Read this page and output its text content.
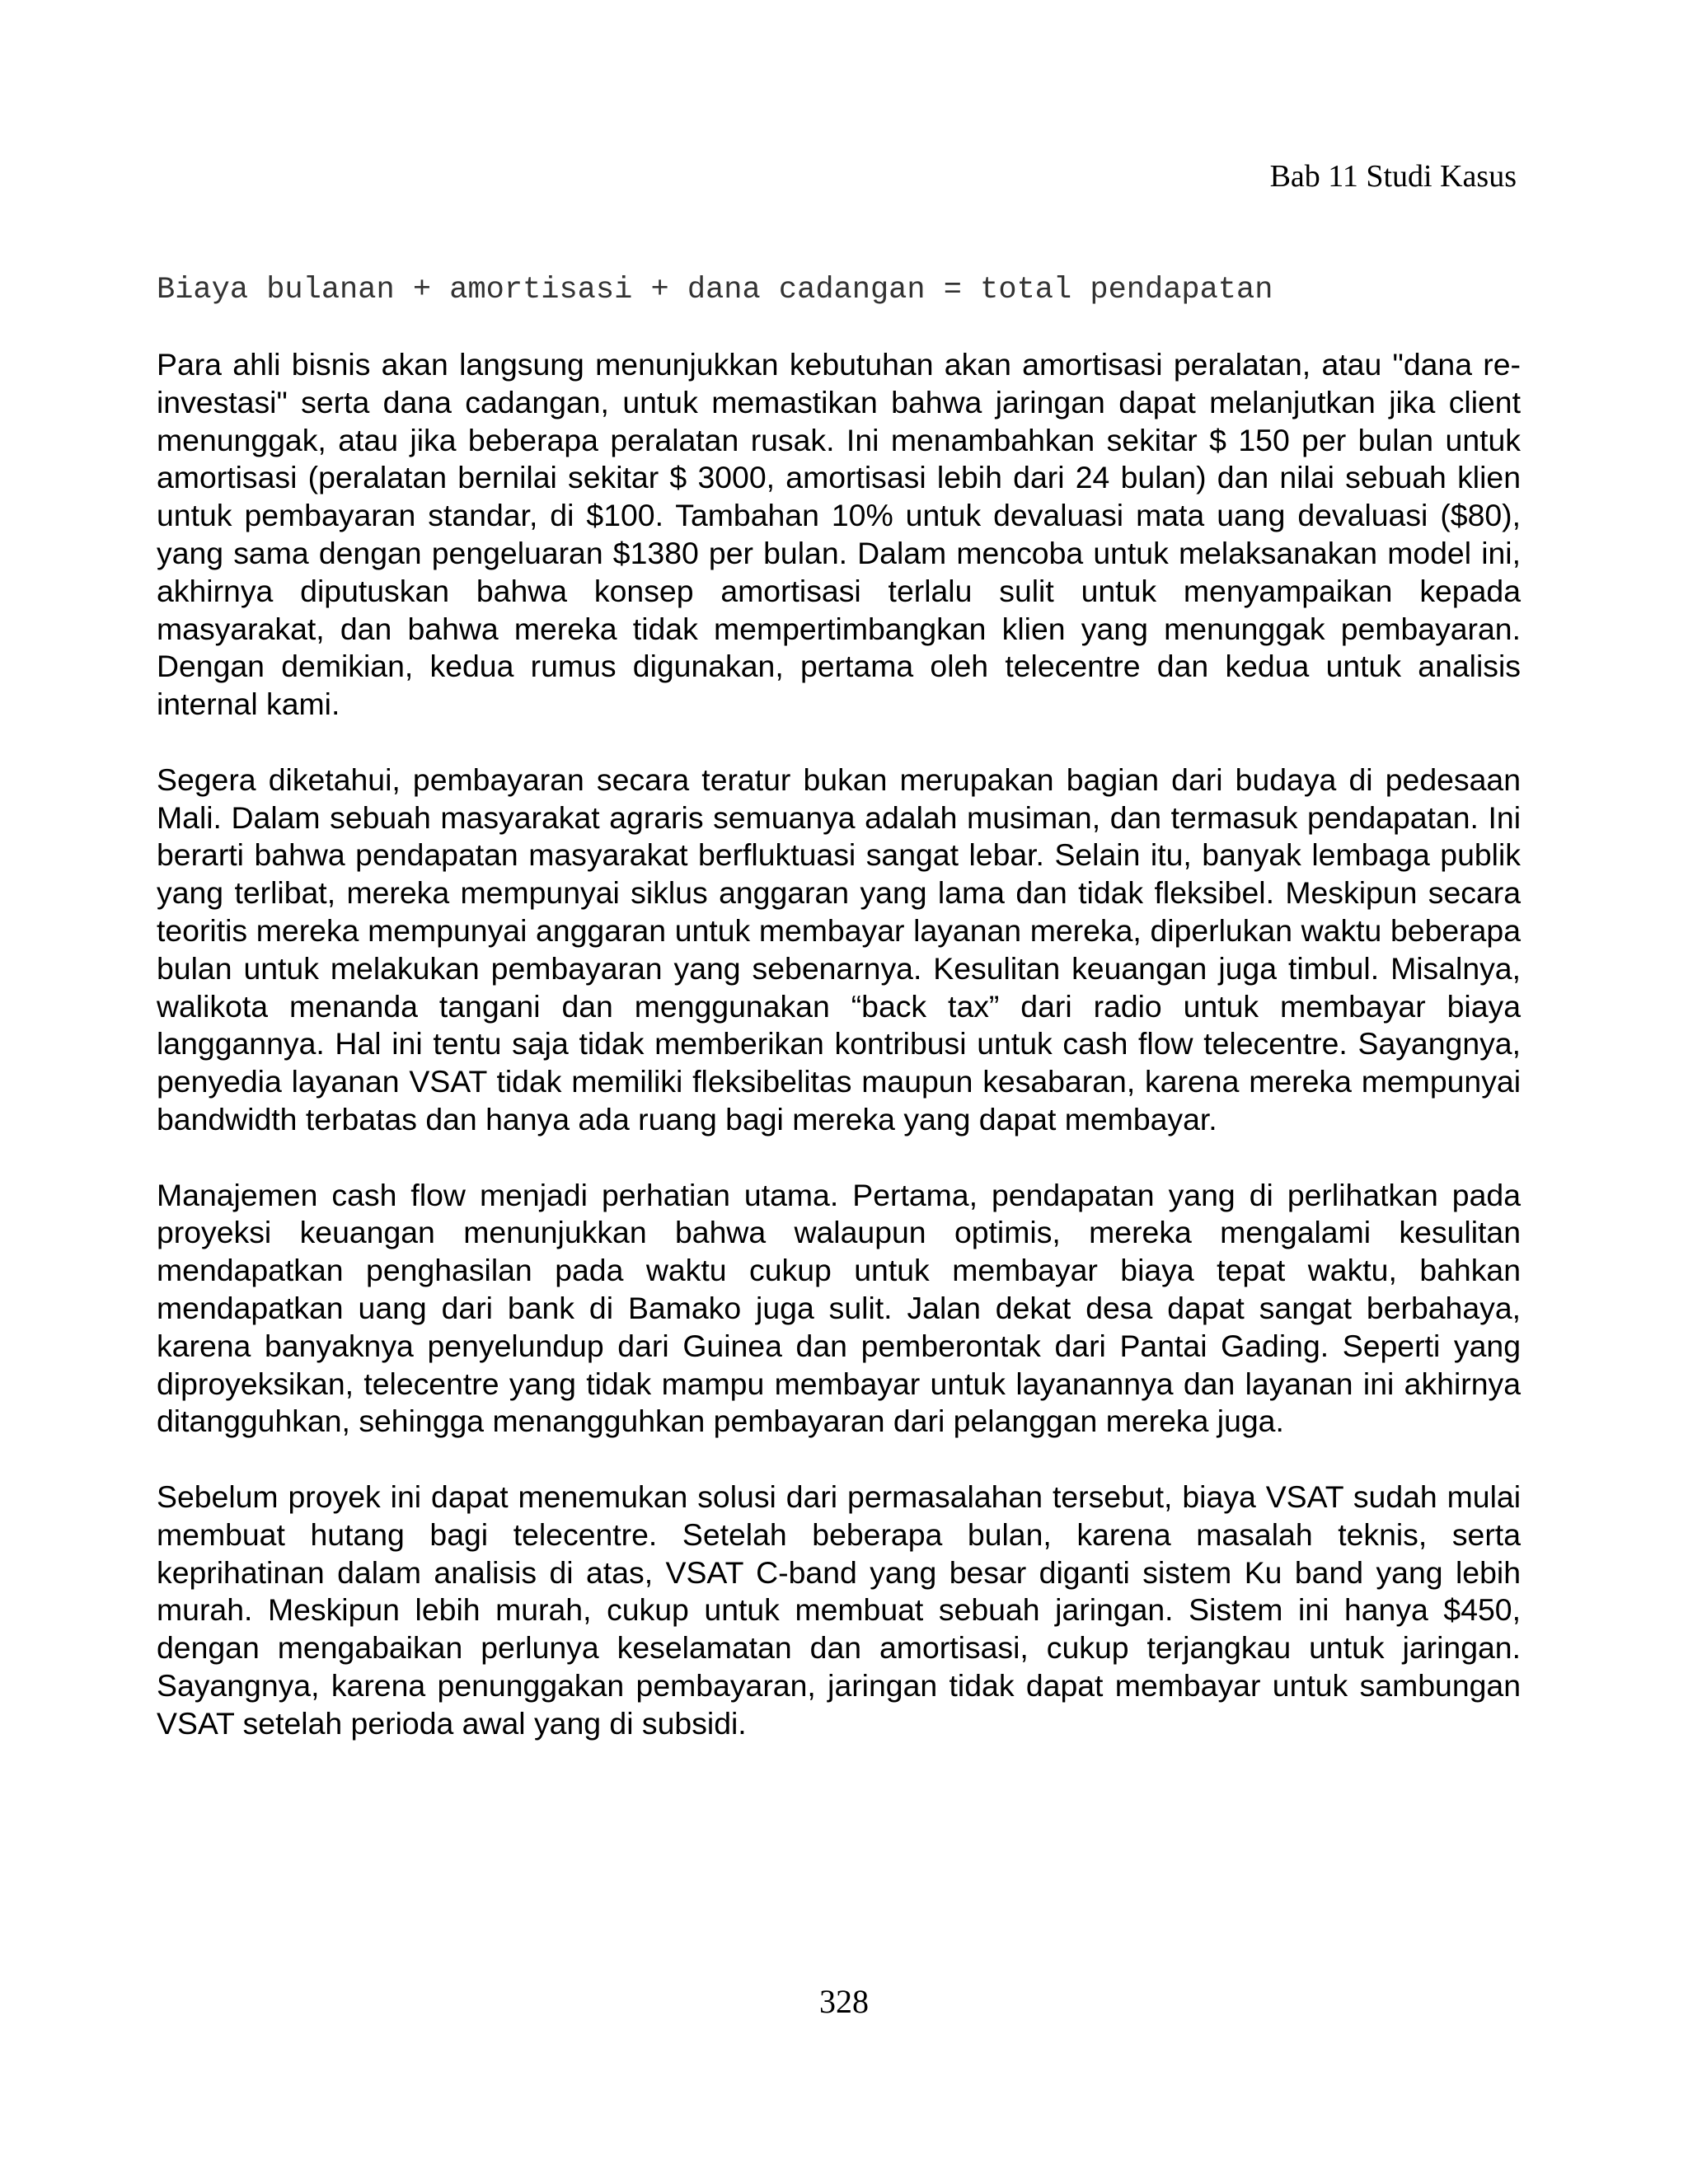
Bab 11 Studi Kasus
Biaya bulanan + amortisasi + dana cadangan = total pendapatan

Para ahli bisnis akan langsung menunjukkan kebutuhan akan amortisasi peralatan, atau "dana re-investasi" serta dana cadangan, untuk memastikan bahwa jaringan dapat melanjutkan jika client menunggak, atau jika beberapa peralatan rusak. Ini menambahkan sekitar $ 150 per bulan untuk amortisasi (peralatan bernilai sekitar $ 3000, amortisasi lebih dari 24 bulan) dan nilai sebuah klien untuk pembayaran standar, di $100. Tambahan 10% untuk devaluasi mata uang devaluasi ($80), yang sama dengan pengeluaran $1380 per bulan. Dalam mencoba untuk melaksanakan model ini, akhirnya diputuskan bahwa konsep amortisasi terlalu sulit untuk menyampaikan kepada masyarakat, dan bahwa mereka tidak mempertimbangkan klien yang menunggak pembayaran. Dengan demikian, kedua rumus digunakan, pertama oleh telecentre dan kedua untuk analisis internal kami.

Segera diketahui, pembayaran secara teratur bukan merupakan bagian dari budaya di pedesaan Mali. Dalam sebuah masyarakat agraris semuanya adalah musiman, dan termasuk pendapatan. Ini berarti bahwa pendapatan masyarakat berfluktuasi sangat lebar. Selain itu, banyak lembaga publik yang terlibat, mereka mempunyai siklus anggaran yang lama dan tidak fleksibel. Meskipun secara teoritis mereka mempunyai anggaran untuk membayar layanan mereka, diperlukan waktu beberapa bulan untuk melakukan pembayaran yang sebenarnya. Kesulitan keuangan juga timbul. Misalnya, walikota menanda tangani dan menggunakan “back tax” dari radio untuk membayar biaya langgannya. Hal ini tentu saja tidak memberikan kontribusi untuk cash flow telecentre. Sayangnya, penyedia layanan VSAT tidak memiliki fleksibelitas maupun kesabaran, karena mereka mempunyai bandwidth terbatas dan hanya ada ruang bagi mereka yang dapat membayar.

Manajemen cash flow menjadi perhatian utama. Pertama, pendapatan yang di perlihatkan pada proyeksi keuangan menunjukkan bahwa walaupun optimis, mereka mengalami kesulitan mendapatkan penghasilan pada waktu cukup untuk membayar biaya tepat waktu, bahkan mendapatkan uang dari bank di Bamako juga sulit. Jalan dekat desa dapat sangat berbahaya, karena banyaknya penyelundup dari Guinea dan pemberontak dari Pantai Gading. Seperti yang diproyeksikan, telecentre yang tidak mampu membayar untuk layanannya dan layanan ini akhirnya ditangguhkan, sehingga menangguhkan pembayaran dari pelanggan mereka juga.

Sebelum proyek ini dapat menemukan solusi dari permasalahan tersebut, biaya VSAT sudah mulai membuat hutang bagi telecentre. Setelah beberapa bulan, karena masalah teknis, serta keprihatinan dalam analisis di atas, VSAT C-band yang besar diganti sistem Ku band yang lebih murah. Meskipun lebih murah, cukup untuk membuat sebuah jaringan. Sistem ini hanya $450, dengan mengabaikan perlunya keselamatan dan amortisasi, cukup terjangkau untuk jaringan. Sayangnya, karena penunggakan pembayaran, jaringan tidak dapat membayar untuk sambungan VSAT setelah perioda awal yang di subsidi.

328
